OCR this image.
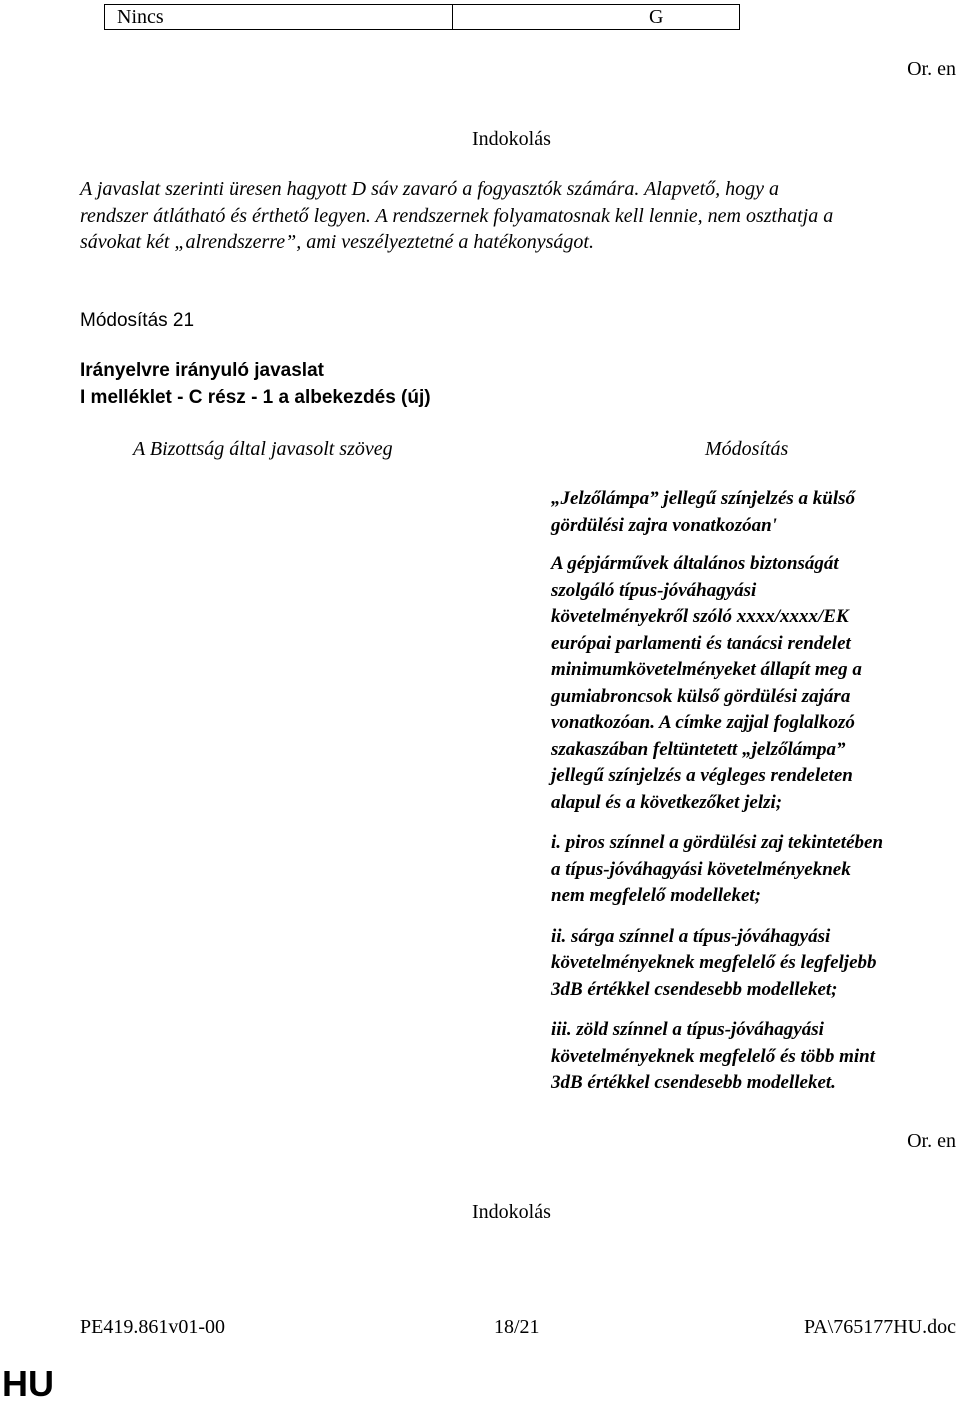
Nincs	G
Or. en
Indokolás
A javaslat szerinti üresen hagyott D sáv zavaró a fogyasztók számára. Alapvető, hogy a
rendszer átlátható és érthető legyen. A rendszernek folyamatosnak kell lennie, nem oszthatja a
sávokat két „alrendszerre”, ami veszélyeztetné a hatékonyságot.
Módosítás 21
Irányelvre irányuló javaslat
I melléklet - C rész - 1 a albekezdés (új)
A Bizottság által javasolt szöveg	Módosítás

„Jelzőlámpa” jellegű színjelzés a külső
gördülési zajra vonatkozóan'

A gépjárművek általános biztonságát
szolgáló típus-jóváhagyási
követelményekről szóló xxxx/xxxx/EK
európai parlamenti és tanácsi rendelet
minimumkövetelményeket állapít meg a
gumiabroncsok külső gördülési zajára
vonatkozóan. A címke zajjal foglalkozó
szakaszában feltüntetett „jelzőlámpa”
jellegű színjelzés a végleges rendeleten
alapul és a következőket jelzi;

i. piros színnel a gördülési zaj tekintetében
a típus-jóváhagyási követelményeknek
nem megfelelő modelleket;

ii. sárga színnel a típus-jóváhagyási
követelményeknek megfelelő és legfeljebb
3dB értékkel csendesebb modelleket;

iii. zöld színnel a típus-jóváhagyási
követelményeknek megfelelő és több mint
3dB értékkel csendesebb modelleket.

Or. en
Indokolás
PE419.861v01-00	18/21	PA\765177HU.doc
HU
